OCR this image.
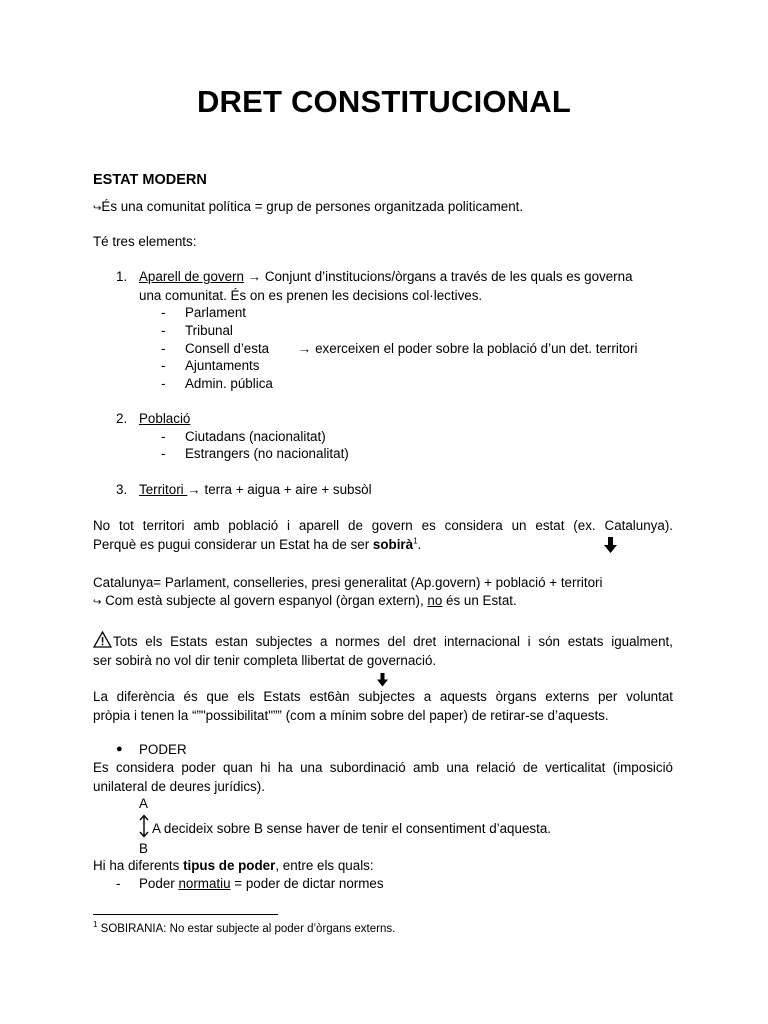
DRET CONSTITUCIONAL
ESTAT MODERN
↪És una comunitat política = grup de persones organitzada politicament.
Té tres elements:
1. Aparell de govern → Conjunt d’institucions/òrgans a través de les quals es governa
una comunitat. És on es prenen les decisions col·lectives.
- Parlament
- Tribunal
- Consell d’esta → exerceixen el poder sobre la població d’un det. territori
- Ajuntaments
- Admin. pública
2. Població
- Ciutadans (nacionalitat)
- Estrangers (no nacionalitat)
3. Territori → terra + aigua + aire + subsòl
No tot territori amb població i aparell de govern es considera un estat (ex. Catalunya).
Perquè es pugui considerar un Estat ha de ser sobirà$^1$.
Catalunya= Parlament, conselleries, presi generalitat (Ap.govern) + població + territori
↪ Com està subjecte al govern espanyol (òrgan extern), no és un Estat.
Tots els Estats estan subjectes a normes del dret internacional i són estats igualment,
ser sobirà no vol dir tenir completa llibertat de governació.
La diferència és que els Estats est6àn subjectes a aquests òrgans externs per voluntat
pròpia i tenen la “”"possibilitat"”” (com a mínim sobre del paper) de retirar-se d’aquests.
● PODER
Es considera poder quan hi ha una subordinació amb una relació de verticalitat (imposició
unilateral de deures jurídics).
A
A decideix sobre B sense haver de tenir el consentiment d’aquesta.
B
Hi ha diferents tipus de poder, entre els quals:
- Poder normatiu = poder de dictar normes
$^1$ SOBIRANIA: No estar subjecte al poder d’òrgans externs.
